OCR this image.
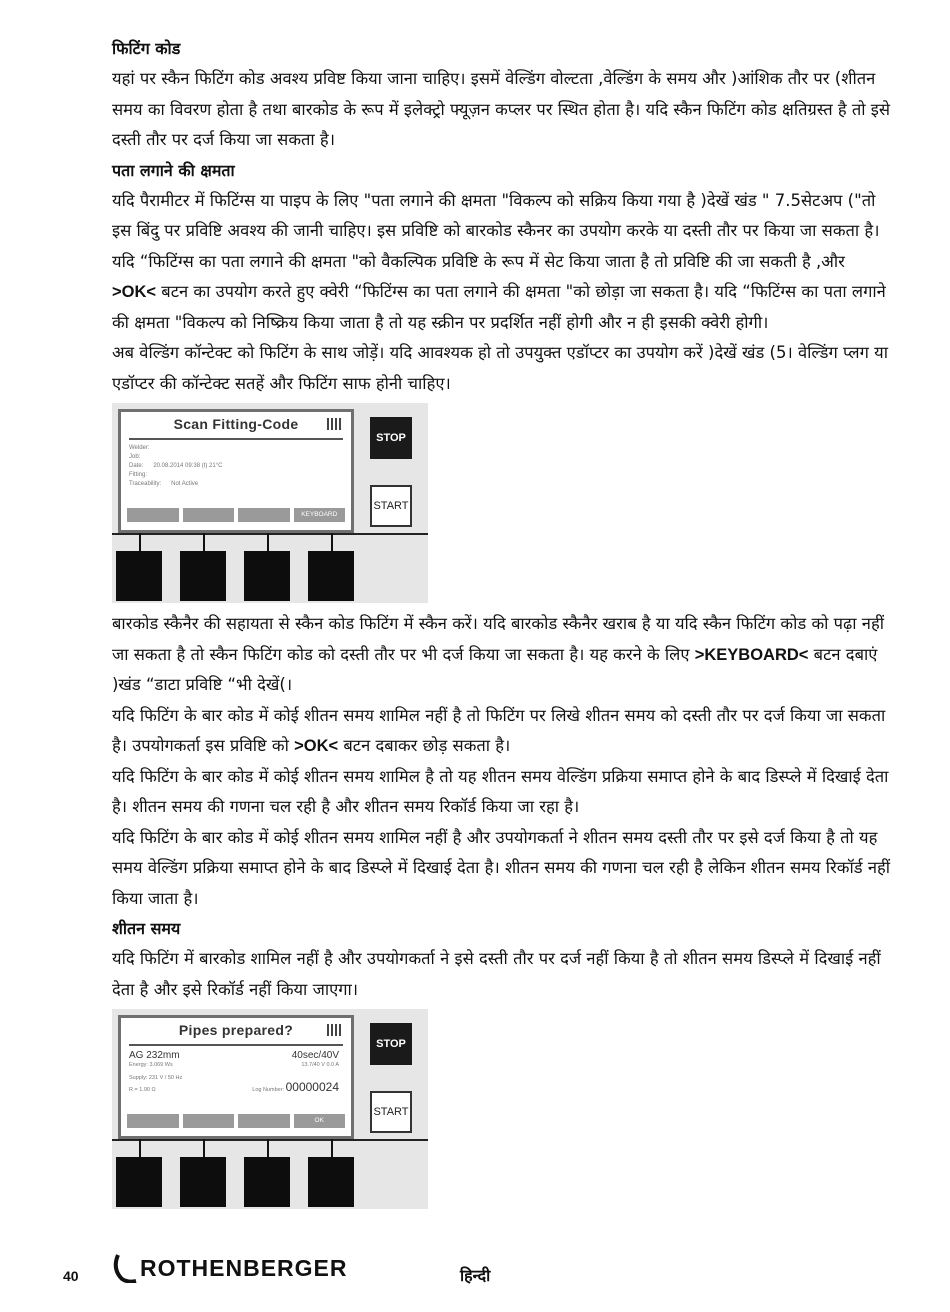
फिटिंग कोड

यहां पर स्कैन फिटिंग कोड अवश्य प्रविष्ट किया जाना चाहिए। इसमें वेल्डिंग वोल्टता ,वेल्डिंग के समय और )आंशिक तौर पर (शीतन समय का विवरण होता है तथा बारकोड के रूप में इलेक्ट्रो फ्यूज़न कप्लर पर स्थित होता है। यदि स्कैन फिटिंग कोड क्षतिग्रस्त है तो इसे दस्ती तौर पर दर्ज किया जा सकता है।

पता लगाने की क्षमता

यदि पैरामीटर में फिटिंग्स या पाइप के लिए "पता लगाने की क्षमता "विकल्प को सक्रिय किया गया है )देखें खंड " 7.5सेटअप ("तो इस बिंदु पर प्रविष्टि अवश्य की जानी चाहिए। इस प्रविष्टि को बारकोड स्कैनर का उपयोग करके या दस्ती तौर पर किया जा सकता है। यदि “फिटिंग्स का पता लगाने की क्षमता "को वैकल्पिक प्रविष्टि के रूप में सेट किया जाता है तो प्रविष्टि की जा सकती है ,और >OK< बटन का उपयोग करते हुए क्वेरी “फिटिंग्स का पता लगाने की क्षमता "को छोड़ा जा सकता है। यदि “फिटिंग्स का पता लगाने की क्षमता "विकल्प को निष्क्रिय किया जाता है तो यह स्क्रीन पर प्रदर्शित नहीं होगी और न ही इसकी क्वेरी होगी।

अब वेल्डिंग कॉन्टेक्ट को फिटिंग के साथ जोड़ें। यदि आवश्यक हो तो उपयुक्त एडॉप्टर का उपयोग करें )देखें खंड (5। वेल्डिंग प्लग या एडॉप्टर की कॉन्टेक्ट सतहें और फिटिंग साफ होनी चाहिए।

Scan Fitting-Code
Welder:
Job:
Date: 20.08.2014 09:38 (t) 21°C
Fitting:
Traceability: Not Active
KEYBOARD
STOP
START

बारकोड स्कैनैर की सहायता से स्कैन कोड फिटिंग में स्कैन करें। यदि बारकोड स्कैनैर खराब है या यदि स्कैन फिटिंग कोड को पढ़ा नहीं जा सकता है तो स्कैन फिटिंग कोड को दस्ती तौर पर भी दर्ज किया जा सकता है। यह करने के लिए >KEYBOARD< बटन दबाएं )खंड “डाटा प्रविष्टि “भी देखें(।

यदि फिटिंग के बार कोड में कोई शीतन समय शामिल नहीं है तो फिटिंग पर लिखे शीतन समय को दस्ती तौर पर दर्ज किया जा सकता है। उपयोगकर्ता इस प्रविष्टि को >OK< बटन दबाकर छोड़ सकता है।

यदि फिटिंग के बार कोड में कोई शीतन समय शामिल है तो यह शीतन समय वेल्डिंग प्रक्रिया समाप्त होने के बाद डिस्प्ले में दिखाई देता है। शीतन समय की गणना चल रही है और शीतन समय रिकॉर्ड किया जा रहा है।

यदि फिटिंग के बार कोड में कोई शीतन समय शामिल नहीं है और उपयोगकर्ता ने शीतन समय दस्ती तौर पर इसे दर्ज किया है तो यह समय वेल्डिंग प्रक्रिया समाप्त होने के बाद डिस्प्ले में दिखाई देता है। शीतन समय की गणना चल रही है लेकिन शीतन समय रिकॉर्ड नहीं किया जाता है।

शीतन समय

यदि फिटिंग में बारकोड शामिल नहीं है और उपयोगकर्ता ने इसे दस्ती तौर पर दर्ज नहीं किया है तो शीतन समय डिस्प्ले में दिखाई नहीं देता है और इसे रिकॉर्ड नहीं किया जाएगा।

Pipes prepared?
AG 232mm	40sec/40V
Energy: 3.069 Ws	13.7/40 V 0.0 A
Supply: 231 V / 50 Hz
R = 1.90 Ω	Log Number: 00000024
OK
STOP
START
40	ROTHENBERGER	हिन्दी
